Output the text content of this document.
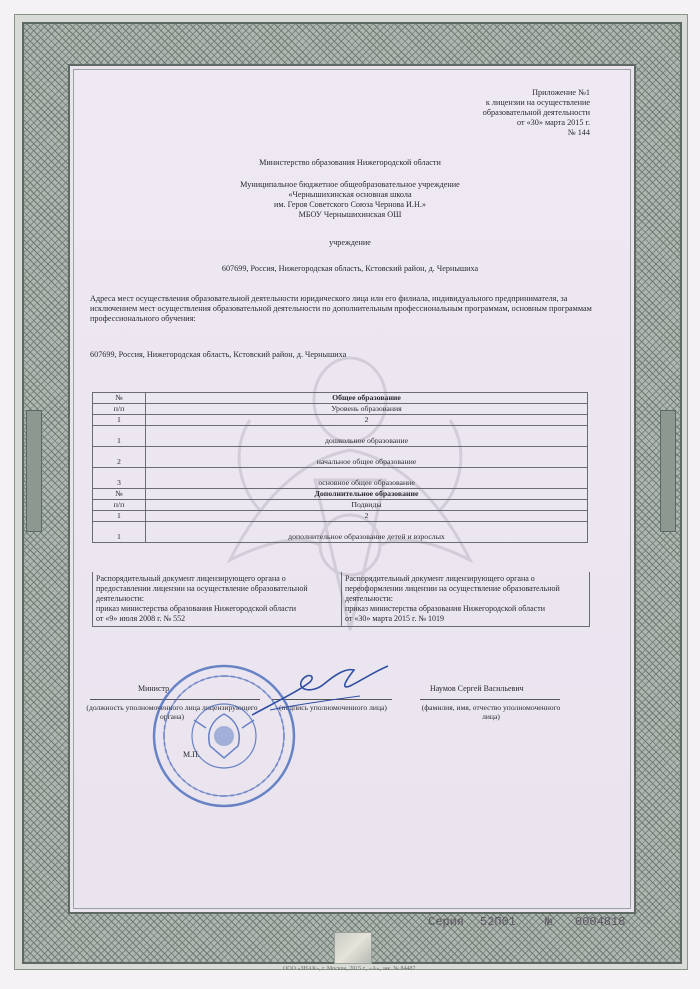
Приложение №1
к лицензии на осуществление
образовательной деятельности
от «30» марта 2015 г.
№ 144
Министерство образования Нижегородской области
Муниципальное бюджетное общеобразовательное учреждение
«Чернышихинская основная школа
им. Героя Советского Союза Чернова И.Н.»
МБОУ Чернышихинская ОШ
учреждение
607699, Россия, Нижегородская область, Кстовский район, д. Чернышиха
Адреса мест осуществления образовательной деятельности юридического лица или его филиала, индивидуального предпринимателя, за исключением мест осуществления образовательной деятельности по дополнительным профессиональным программам, основным программам профессионального обучения:
607699, Россия, Нижегородская область, Кстовский район, д. Чернышиха
№	Общее образование
п/п	Уровень образования
1	2
1	дошкольное образование
2	начальное общее образование
3	основное общее образование
№	Дополнительное образование
п/п	Подвиды
1	2
1	дополнительное образование детей и взрослых
Распорядительный документ лицензирующего органа о предоставлении лицензии на осуществление образовательной деятельности:
приказ министерства образования Нижегородской области
от «9» июля 2008 г. № 552
Распорядительный документ лицензирующего органа о переоформлении лицензии на осуществление образовательной деятельности:
приказ министерства образования Нижегородской области
от «30» марта 2015 г. № 1019
Министр	Наумов Сергей Васильевич
(должность уполномоченного лица лицензирующего органа)
(подпись уполномоченного лица)	(фамилия, имя, отчество уполномоченного лица)
М.П.
Серия 52П01 № 0004818
ООО «ЗНАК», г. Москва, 2015 г., «А», зак. № 84487.
